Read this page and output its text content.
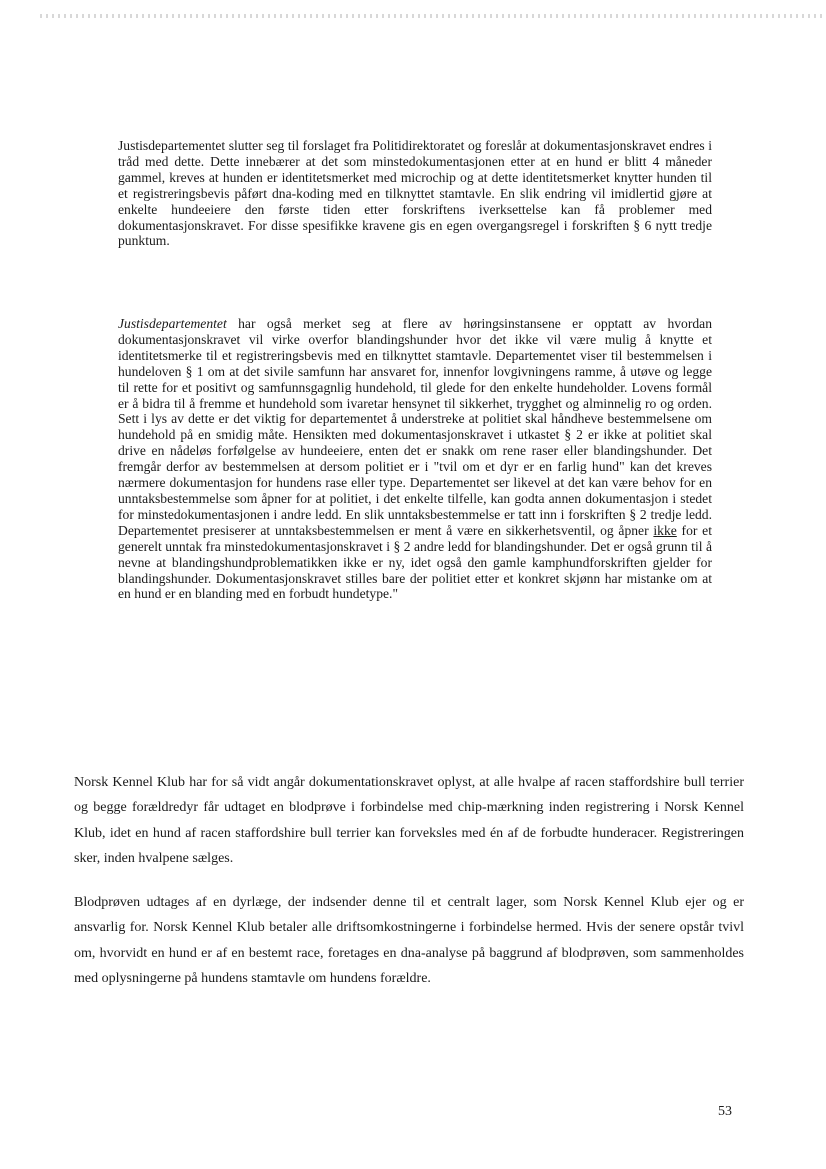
Justisdepartementet slutter seg til forslaget fra Politidirektoratet og foreslår at dokumentasjonskravet endres i tråd med dette. Dette innebærer at det som minstedokumentasjonen etter at en hund er blitt 4 måneder gammel, kreves at hunden er identitetsmerket med microchip og at dette identitetsmerket knytter hunden til et registreringsbevis påført dna-koding med en tilknyttet stamtavle. En slik endring vil imidlertid gjøre at enkelte hundeeiere den første tiden etter forskriftens iverksettelse kan få problemer med dokumentasjonskravet. For disse spesifikke kravene gis en egen overgangsregel i forskriften § 6 nytt tredje punktum.

Justisdepartementet har også merket seg at flere av høringsinstansene er opptatt av hvordan dokumentasjonskravet vil virke overfor blandingshunder hvor det ikke vil være mulig å knytte et identitetsmerke til et registreringsbevis med en tilknyttet stamtavle. Departementet viser til bestemmelsen i hundeloven § 1 om at det sivile samfunn har ansvaret for, innenfor lovgivningens ramme, å utøve og legge til rette for et positivt og samfunnsgagnlig hundehold, til glede for den enkelte hundeholder. Lovens formål er å bidra til å fremme et hundehold som ivaretar hensynet til sikkerhet, trygghet og alminnelig ro og orden. Sett i lys av dette er det viktig for departementet å understreke at politiet skal håndheve bestemmelsene om hundehold på en smidig måte. Hensikten med dokumentasjonskravet i utkastet § 2 er ikke at politiet skal drive en nådeløs forfølgelse av hundeeiere, enten det er snakk om rene raser eller blandingshunder. Det fremgår derfor av bestemmelsen at dersom politiet er i "tvil om et dyr er en farlig hund" kan det kreves nærmere dokumentasjon for hundens rase eller type. Departementet ser likevel at det kan være behov for en unntaksbestemmelse som åpner for at politiet, i det enkelte tilfelle, kan godta annen dokumentasjon i stedet for minstedokumentasjonen i andre ledd. En slik unntaksbestemmelse er tatt inn i forskriften § 2 tredje ledd. Departementet presiserer at unntaksbestemmelsen er ment å være en sikkerhetsventil, og åpner ikke for et generelt unntak fra minstedokumentasjonskravet i § 2 andre ledd for blandingshunder. Det er også grunn til å nevne at blandingshundproblematikken ikke er ny, idet også den gamle kamphundforskriften gjelder for blandingshunder. Dokumentasjonskravet stilles bare der politiet etter et konkret skjønn har mistanke om at en hund er en blanding med en forbudt hundetype."

Norsk Kennel Klub har for så vidt angår dokumentationskravet oplyst, at alle hvalpe af racen staffordshire bull terrier og begge forældredyr får udtaget en blodprøve i forbindelse med chip-mærkning inden registrering i Norsk Kennel Klub, idet en hund af racen staffordshire bull terrier kan forveksles med én af de forbudte hunderacer. Registreringen sker, inden hvalpene sælges.

Blodprøven udtages af en dyrlæge, der indsender denne til et centralt lager, som Norsk Kennel Klub ejer og er ansvarlig for. Norsk Kennel Klub betaler alle driftsomkostningerne i forbindelse hermed. Hvis der senere opstår tvivl om, hvorvidt en hund er af en bestemt race, foretages en dna-analyse på baggrund af blodprøven, som sammenholdes med oplysningerne på hundens stamtavle om hundens forældre.

53
